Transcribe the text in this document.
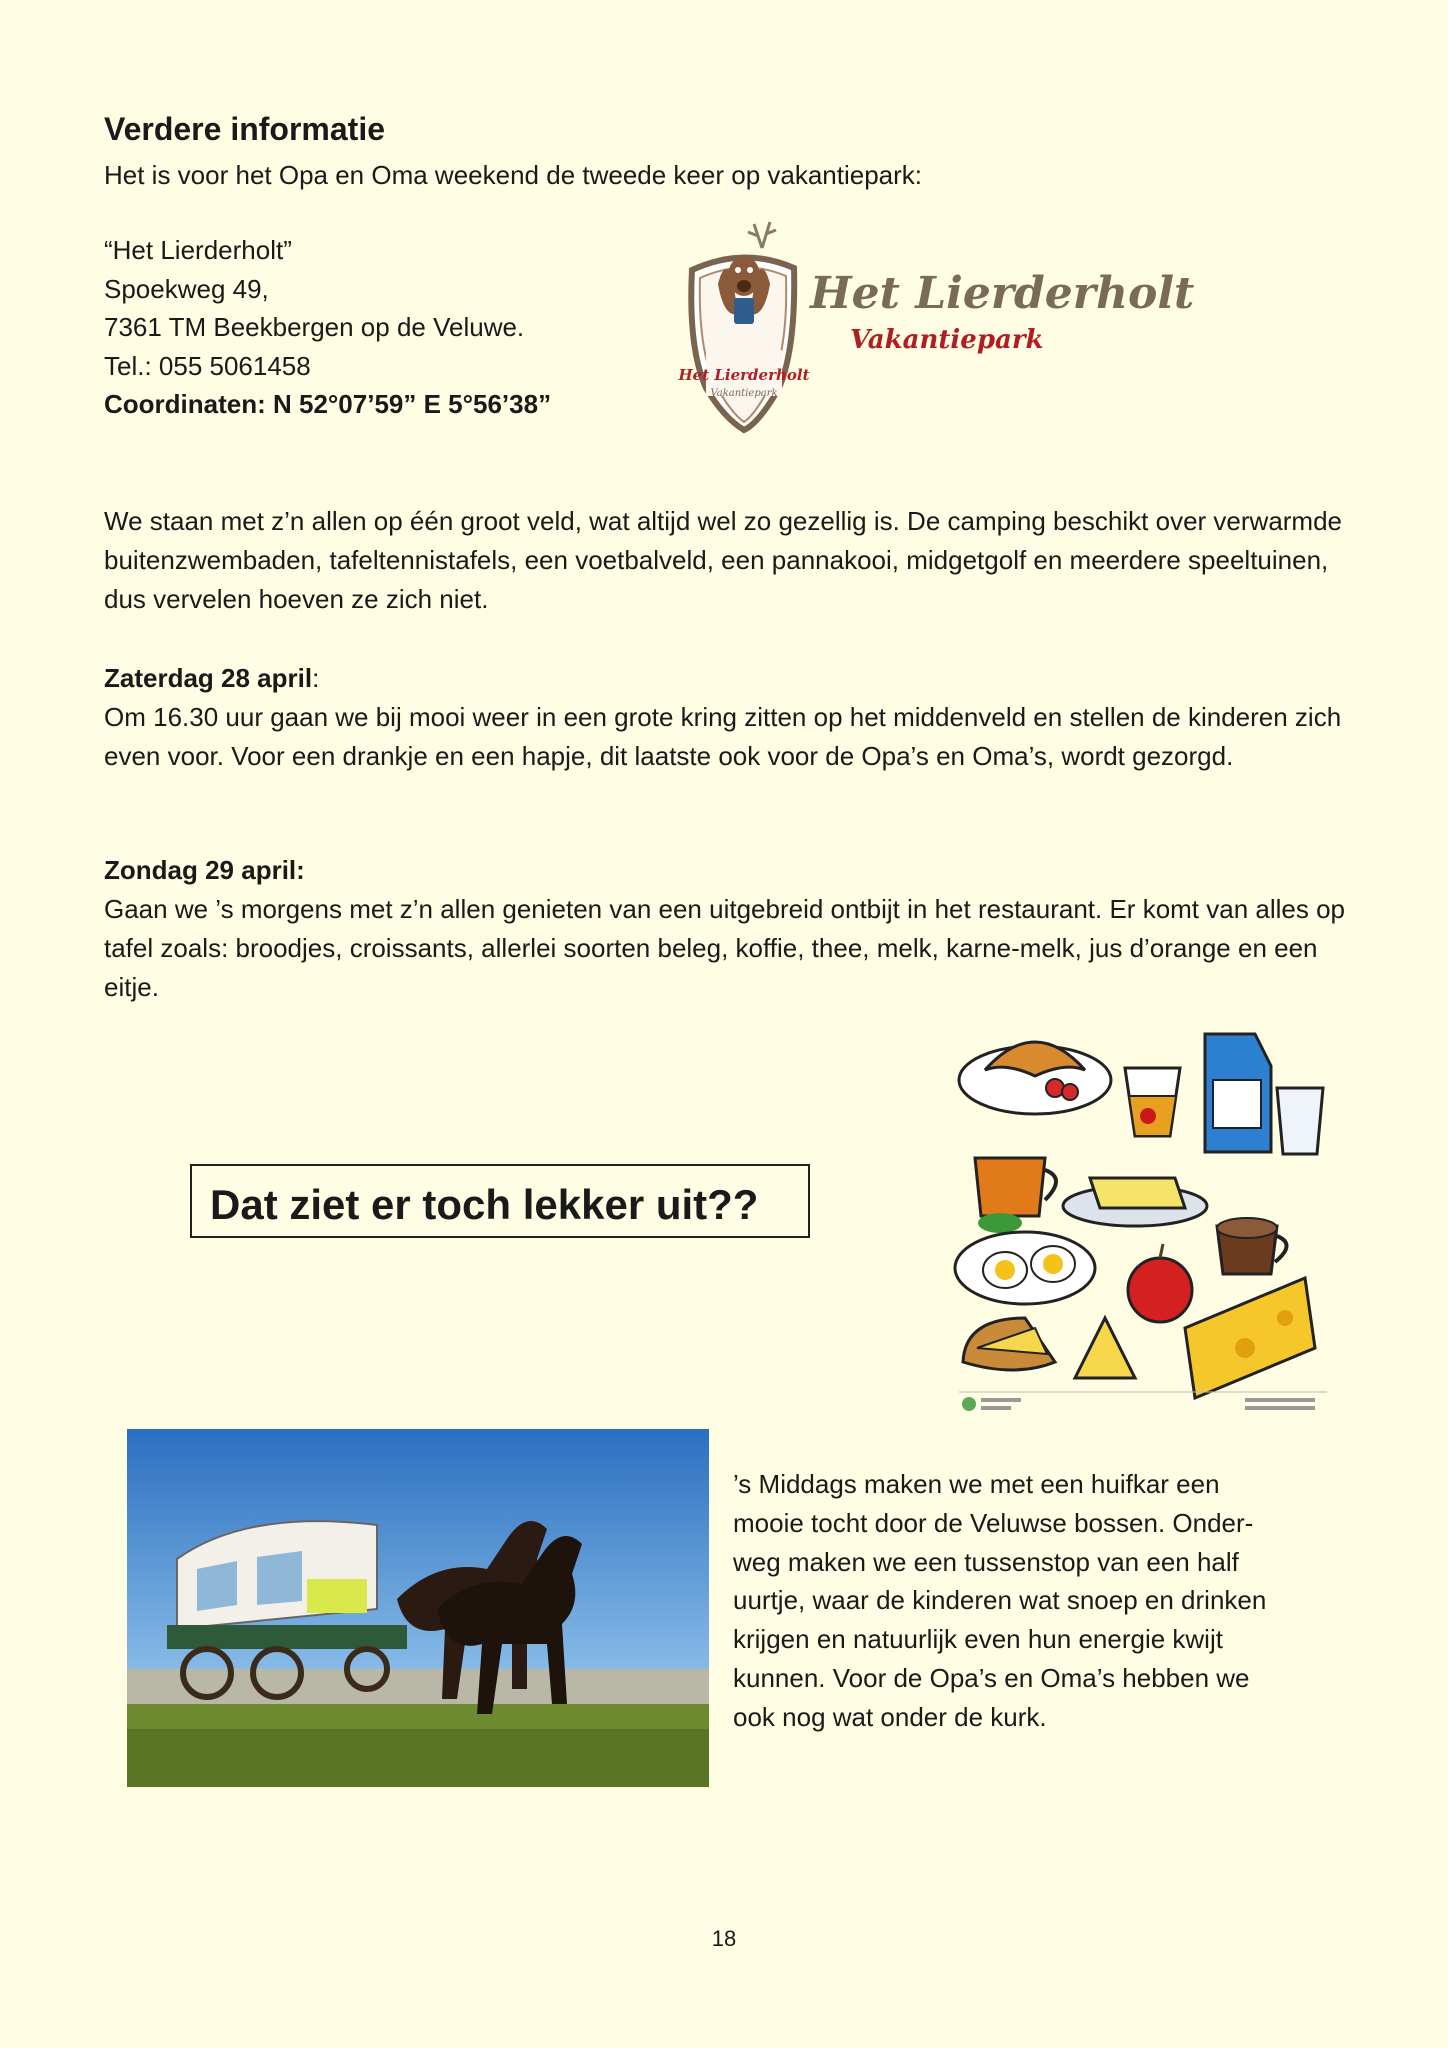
Verdere informatie

Het is voor het Opa en Oma weekend de tweede keer op vakantiepark:

“Het Lierderholt”

Spoekweg 49,

7361 TM Beekbergen op de Veluwe.

Tel.: 055 5061458

Coordinaten: N 52°07’59” E 5°56’38”

Het Lierderholt
Vakantiepark
Het Lierderholt
Vakantiepark

We staan met z’n allen op één groot veld, wat altijd wel zo gezellig is. De camping beschikt over verwarmde buitenzwembaden, tafeltennistafels, een voetbalveld, een pannakooi, midgetgolf en meerdere speeltuinen, dus vervelen hoeven ze zich niet.

Zaterdag 28 april:

Om 16.30 uur gaan we bij mooi weer in een grote kring zitten op het middenveld en stellen de kinderen zich even voor. Voor een drankje en een hapje, dit laatste ook voor de Opa’s en Oma’s, wordt gezorgd.

Zondag 29 april:

Gaan we ’s morgens met z’n allen genieten van een uitgebreid ontbijt in het restaurant. Er komt van alles op tafel zoals: broodjes, croissants, allerlei soorten beleg, koffie, thee, melk, karne-melk, jus d’orange en een eitje.

Dat ziet er toch lekker uit??

’s Middags maken we met een huifkar een

mooie tocht door de Veluwse bossen. Onder-

weg maken we een tussenstop van een half

uurtje, waar de kinderen wat snoep en drinken

krijgen en natuurlijk even hun energie kwijt

kunnen. Voor de Opa’s en Oma’s hebben we

ook nog wat onder de kurk.

18
